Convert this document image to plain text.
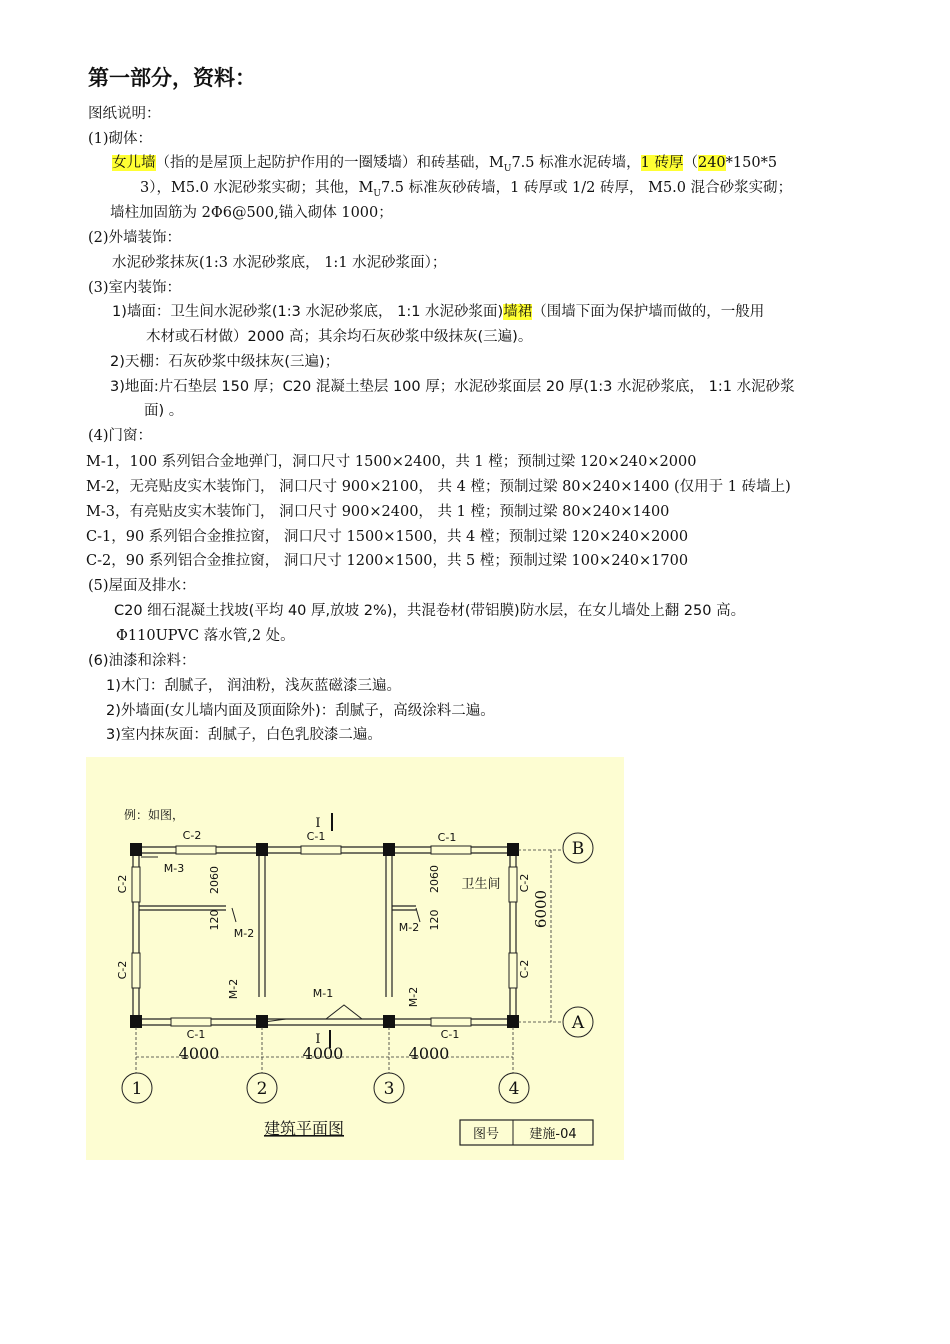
第一部分，资料：
图纸说明：
(1)砌体：
女儿墙（指的是屋顶上起防护作用的一圈矮墙）和砖基础，$M_U7.5$ 标准水泥砖墙，1 砖厚（240*150*5
3），M5.0 水泥砂浆实砌；其他，$M_U7.5$ 标准灰砂砖墙，1 砖厚或 1/2 砖厚， M5.0 混合砂浆实砌；
墙柱加固筋为 2Φ6@500,锚入砌体 1000；
(2)外墙装饰：
水泥砂浆抹灰(1:3 水泥砂浆底， 1:1 水泥砂浆面）；
(3)室内装饰：
1)墙面：卫生间水泥砂浆(1:3 水泥砂浆底， 1:1 水泥砂浆面)墙裙（围墙下面为保护墙而做的，一般用
木材或石材做）2000 高；其余均石灰砂浆中级抹灰(三遍)。
2)天棚：石灰砂浆中级抹灰(三遍)；
3)地面:片石垫层 150 厚；C20 混凝土垫层 100 厚；水泥砂浆面层 20 厚(1:3 水泥砂浆底， 1:1 水泥砂浆
面) 。
(4)门窗：
M-1，100 系列铝合金地弹门，洞口尺寸 1500×2400，共 1 樘；预制过梁 120×240×2000
M-2，无亮贴皮实木装饰门， 洞口尺寸 900×2100， 共 4 樘；预制过梁 80×240×1400 (仅用于 1 砖墙上)
M-3，有亮贴皮实木装饰门， 洞口尺寸 900×2400， 共 1 樘；预制过梁 80×240×1400
C-1，90 系列铝合金推拉窗， 洞口尺寸 1500×1500，共 4 樘；预制过梁 120×240×2000
C-2，90 系列铝合金推拉窗， 洞口尺寸 1200×1500，共 5 樘；预制过梁 100×240×1700
(5)屋面及排水：
C20 细石混凝土找坡(平均 40 厚,放坡 2%)，共混卷材(带铝膜)防水层，在女儿墙处上翻 250 高。
Φ110UPVC 落水管,2 处。
(6)油漆和涂料：
1)木门：刮腻子， 润油粉，浅灰蓝磁漆三遍。
2)外墙面(女儿墙内面及顶面除外)：刮腻子，高级涂料二遍。
3)室内抹灰面：刮腻子，白色乳胶漆二遍。
1	2	3	4
B
A
4000	4000	4000
6000
I
I
例：如图，
C-2	C-1	C-1
C-1	C-1
C-2
C-2
C-2
C-2
M-3
M-2	M-2
M-2	M-2
M-1
2060
120
2060
120
卫生间
建筑平面图	图号 建施-04
